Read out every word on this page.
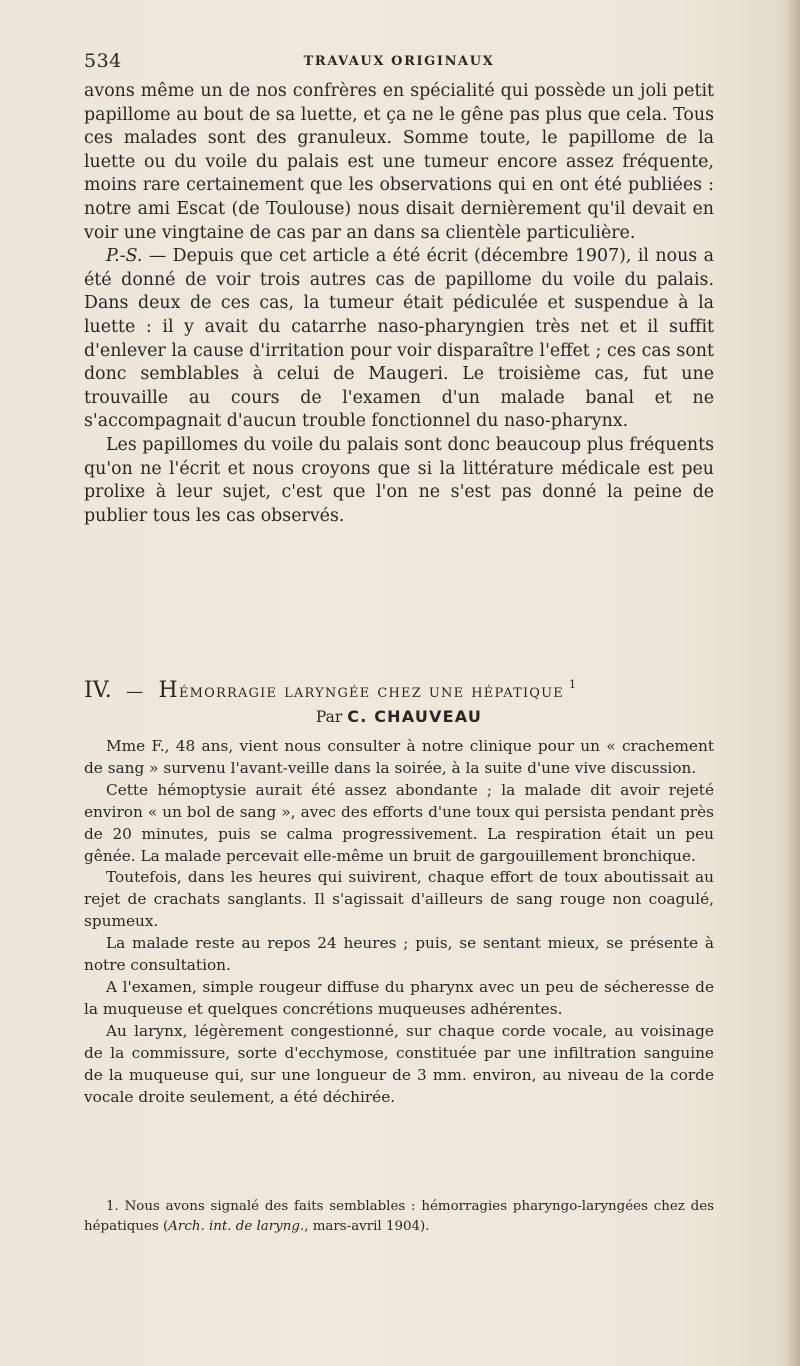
534	TRAVAUX ORIGINAUX

avons même un de nos confrères en spécialité qui possède un joli petit papillome au bout de sa luette, et ça ne le gêne pas plus que cela. Tous ces malades sont des granuleux. Somme toute, le papillome de la luette ou du voile du palais est une tumeur encore assez fréquente, moins rare certainement que les observations qui en ont été publiées : notre ami Escat (de Toulouse) nous disait dernièrement qu'il devait en voir une vingtaine de cas par an dans sa clientèle particulière.

P.-S. — Depuis que cet article a été écrit (décembre 1907), il nous a été donné de voir trois autres cas de papillome du voile du palais. Dans deux de ces cas, la tumeur était pédiculée et suspendue à la luette : il y avait du catarrhe naso-pharyngien très net et il suffit d'enlever la cause d'irritation pour voir disparaître l'effet ; ces cas sont donc semblables à celui de Maugeri. Le troisième cas, fut une trouvaille au cours de l'examen d'un malade banal et ne s'accompagnait d'aucun trouble fonctionnel du naso-pharynx.

Les papillomes du voile du palais sont donc beaucoup plus fréquents qu'on ne l'écrit et nous croyons que si la littérature médicale est peu prolixe à leur sujet, c'est que l'on ne s'est pas donné la peine de publier tous les cas observés.

IV. — Hémorragie laryngée chez une hépatique $^1$
Par C. CHAUVEAU

Mme F., 48 ans, vient nous consulter à notre clinique pour un « crachement de sang » survenu l'avant-veille dans la soirée, à la suite d'une vive discussion.

Cette hémoptysie aurait été assez abondante ; la malade dit avoir rejeté environ « un bol de sang », avec des efforts d'une toux qui persista pendant près de 20 minutes, puis se calma progressivement. La respiration était un peu gênée. La malade percevait elle-même un bruit de gargouillement bronchique.

Toutefois, dans les heures qui suivirent, chaque effort de toux aboutissait au rejet de crachats sanglants. Il s'agissait d'ailleurs de sang rouge non coagulé, spumeux.

La malade reste au repos 24 heures ; puis, se sentant mieux, se présente à notre consultation.

A l'examen, simple rougeur diffuse du pharynx avec un peu de sécheresse de la muqueuse et quelques concrétions muqueuses adhérentes.

Au larynx, légèrement congestionné, sur chaque corde vocale, au voisinage de la commissure, sorte d'ecchymose, constituée par une infiltration sanguine de la muqueuse qui, sur une longueur de 3 mm. environ, au niveau de la corde vocale droite seulement, a été déchirée.

1. Nous avons signalé des faits semblables : hémorragies pharyngo-laryngées chez des hépatiques (Arch. int. de laryng., mars-avril 1904).
